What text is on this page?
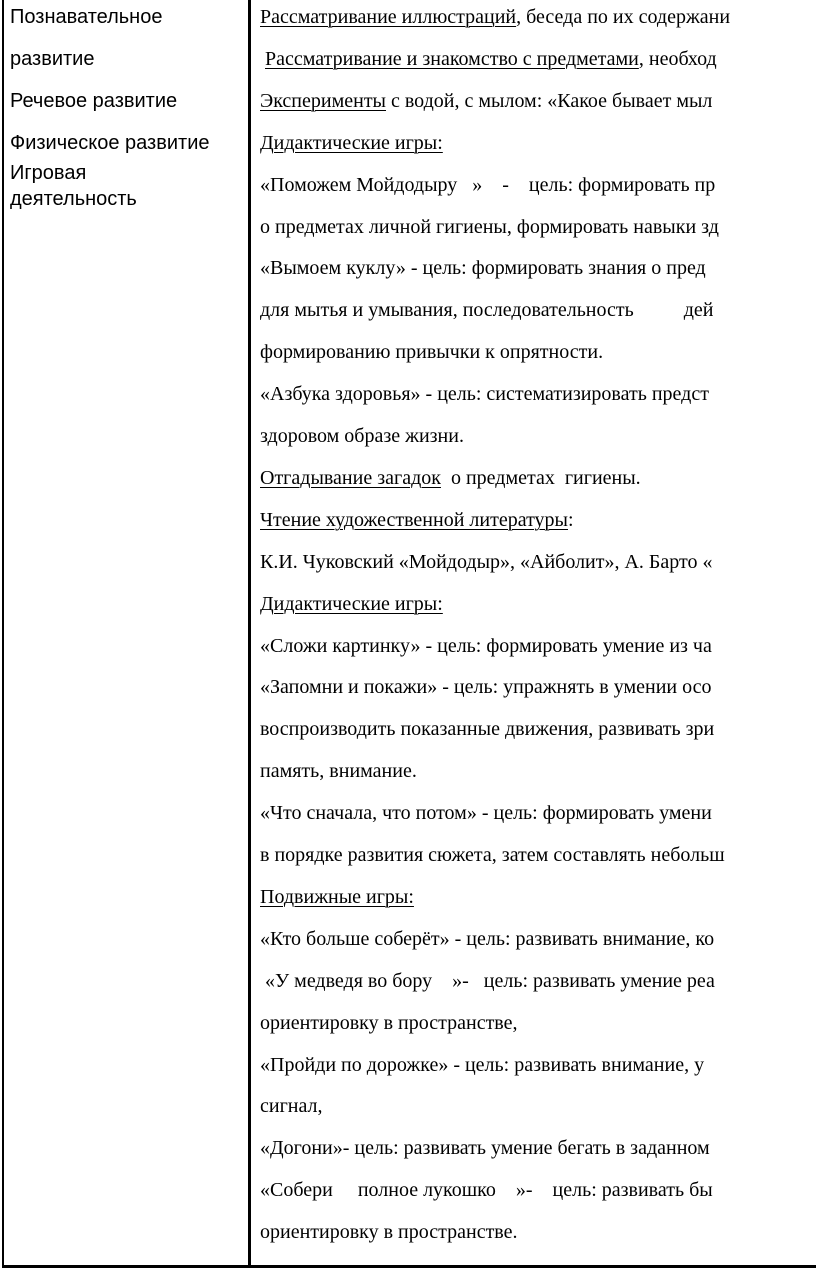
Познавательное
развитие
Речевое развитие
Физическое развитие
Игровая
деятельность
Рассматривание иллюстраций, беседа по их содержани
Рассматривание и знакомство с предметами, необход
Эксперименты с водой, с мылом: «Какое бывает мыл
Дидактические игры:
«Поможем Мойдодыру   »    -    цель: формировать пр
о предметах личной гигиены, формировать навыки зд
«Вымоем куклу» - цель: формировать знания о пред
для мытья и умывания, последовательность          дей
формированию привычки к опрятности.
«Азбука здоровья» - цель: систематизировать предст
здоровом образе жизни.
Отгадывание загадок  о предметах  гигиены.
Чтение художественной литературы:
К.И. Чуковский «Мойдодыр», «Айболит», А. Барто «
Дидактические игры:
«Сложи картинку» - цель: формировать умение из ча
«Запомни и покажи» - цель: упражнять в умении осо
воспроизводить показанные движения, развивать зри
память, внимание.
«Что сначала, что потом» - цель: формировать умени
в порядке развития сюжета, затем составлять небольш
Подвижные игры:
«Кто больше соберёт» - цель: развивать внимание, ко
«У медведя во бору    »-   цель: развивать умение реа
ориентировку в пространстве,
«Пройди по дорожке» - цель: развивать внимание, у
сигнал,
«Догони»- цель: развивать умение бегать в заданном
«Собери     полное лукошко    »-    цель: развивать бы
ориентировку в пространстве.
